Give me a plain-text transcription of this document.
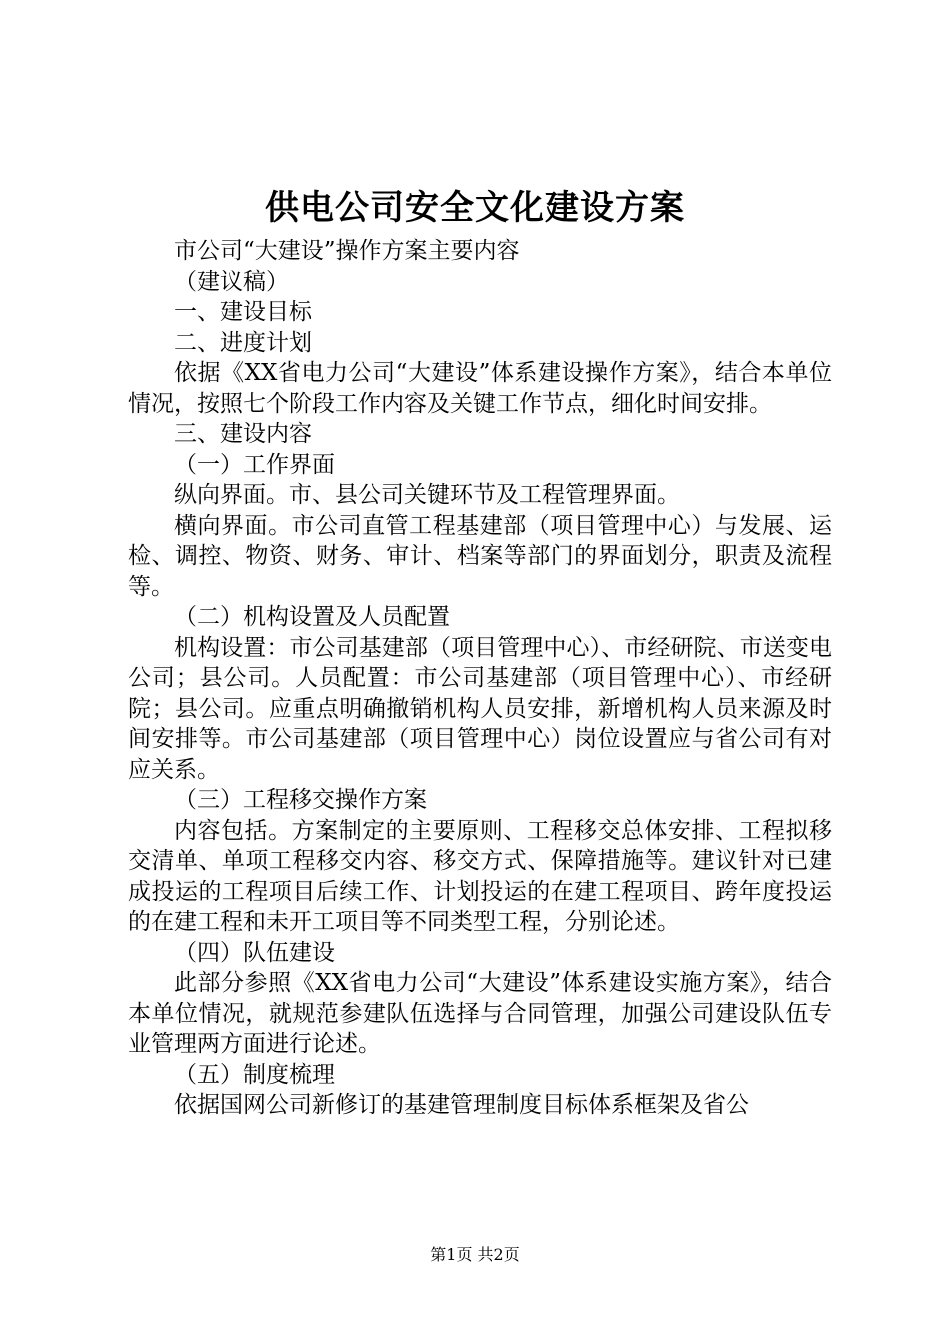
供电公司安全文化建设方案

市公司“大建设”操作方案主要内容

（建议稿）

一、建设目标

二、进度计划

依据《XX省电力公司“大建设”体系建设操作方案》，结合本单位情况，按照七个阶段工作内容及关键工作节点，细化时间安排。

三、建设内容

（一）工作界面

纵向界面。市、县公司关键环节及工程管理界面。

横向界面。市公司直管工程基建部（项目管理中心）与发展、运检、调控、物资、财务、审计、档案等部门的界面划分，职责及流程等。

（二）机构设置及人员配置

机构设置：市公司基建部（项目管理中心）、市经研院、市送变电公司；县公司。人员配置：市公司基建部（项目管理中心）、市经研院；县公司。应重点明确撤销机构人员安排，新增机构人员来源及时间安排等。市公司基建部（项目管理中心）岗位设置应与省公司有对应关系。

（三）工程移交操作方案

内容包括。方案制定的主要原则、工程移交总体安排、工程拟移交清单、单项工程移交内容、移交方式、保障措施等。建议针对已建成投运的工程项目后续工作、计划投运的在建工程项目、跨年度投运的在建工程和未开工项目等不同类型工程，分别论述。

（四）队伍建设

此部分参照《XX省电力公司“大建设”体系建设实施方案》，结合本单位情况，就规范参建队伍选择与合同管理，加强公司建设队伍专业管理两方面进行论述。

（五）制度梳理

依据国网公司新修订的基建管理制度目标体系框架及省公

第1页 共2页
